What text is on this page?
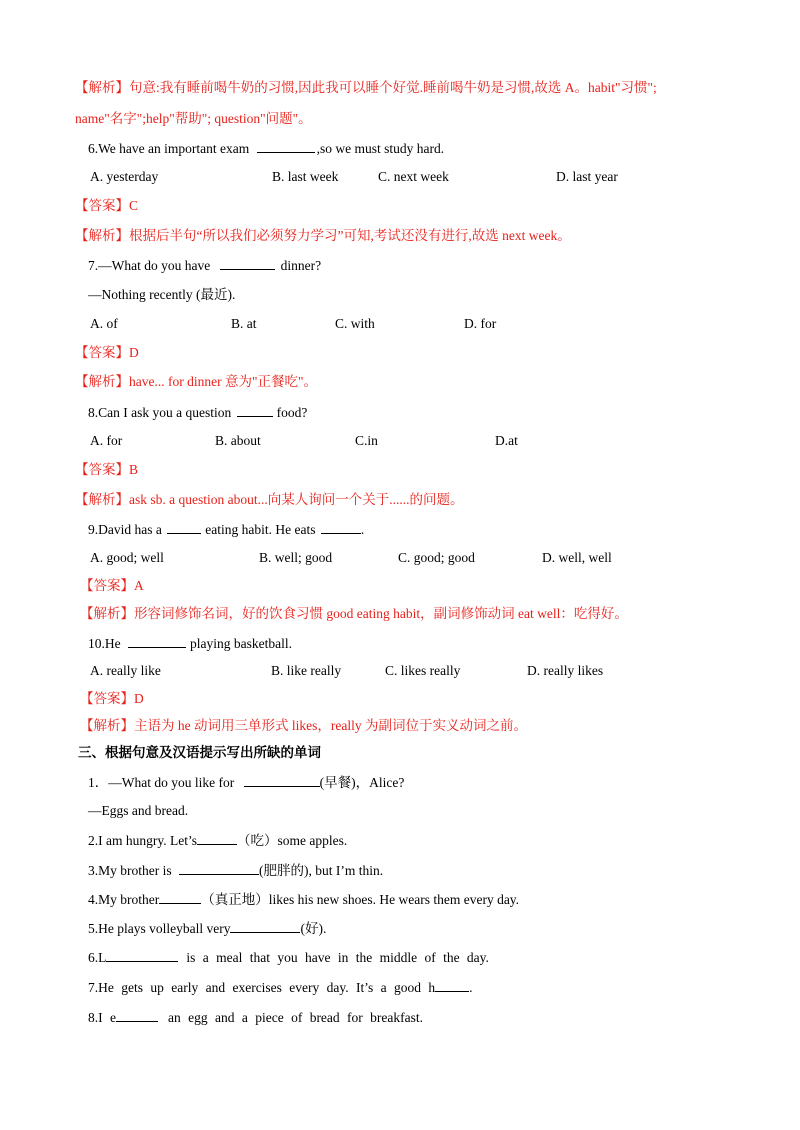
【解析】句意:我有睡前喝牛奶的习惯,因此我可以睡个好觉.睡前喝牛奶是习惯,故选 A。habit"习惯";
name"名字";help"帮助"; question"问题"。
6.We have an important exam	,so we must study hard.
A. yesterday	B. last week	C. next week	D. last year
【答案】C
【解析】根据后半句“所以我们必须努力学习”可知,考试还没有进行,故选 next week。
7.—What do you have	dinner?
—Nothing recently (最近).
A. of	B. at	C. with	D. for
【答案】D
【解析】have... for dinner 意为"正餐吃"。
8.Can I ask you a question	food?
A. for	B. about	C.in	D.at
【答案】B
【解析】ask sb. a question about...向某人询问一个关于......的问题。
9.David has a	eating habit. He eats	.
A. good; well	B. well; good	C. good; good	D. well, well
【答案】A
【解析】形容词修饰名词，好的饮食习惯 good eating habit，副词修饰动词 eat well：吃得好。
10.He	playing basketball.
A. really like	B. like really	C. likes really	D. really likes
【答案】D
【解析】主语为 he 动词用三单形式 likes，really 为副词位于实义动词之前。
三、根据句意及汉语提示写出所缺的单词
1．—What do you like for	(早餐)，Alice?
—Eggs and bread.
2.I am hungry. Let’s	（吃）some apples.
3.My brother is	(肥胖的), but I’m thin.
4.My brother	（真正地）likes his new shoes. He wears them every day.
5.He plays volleyball very	(好).
6.L	is a meal that you have in the middle of the day.
7.He gets up early and exercises every day. It’s a good h	.
8.I e	an egg and a piece of bread for breakfast.
